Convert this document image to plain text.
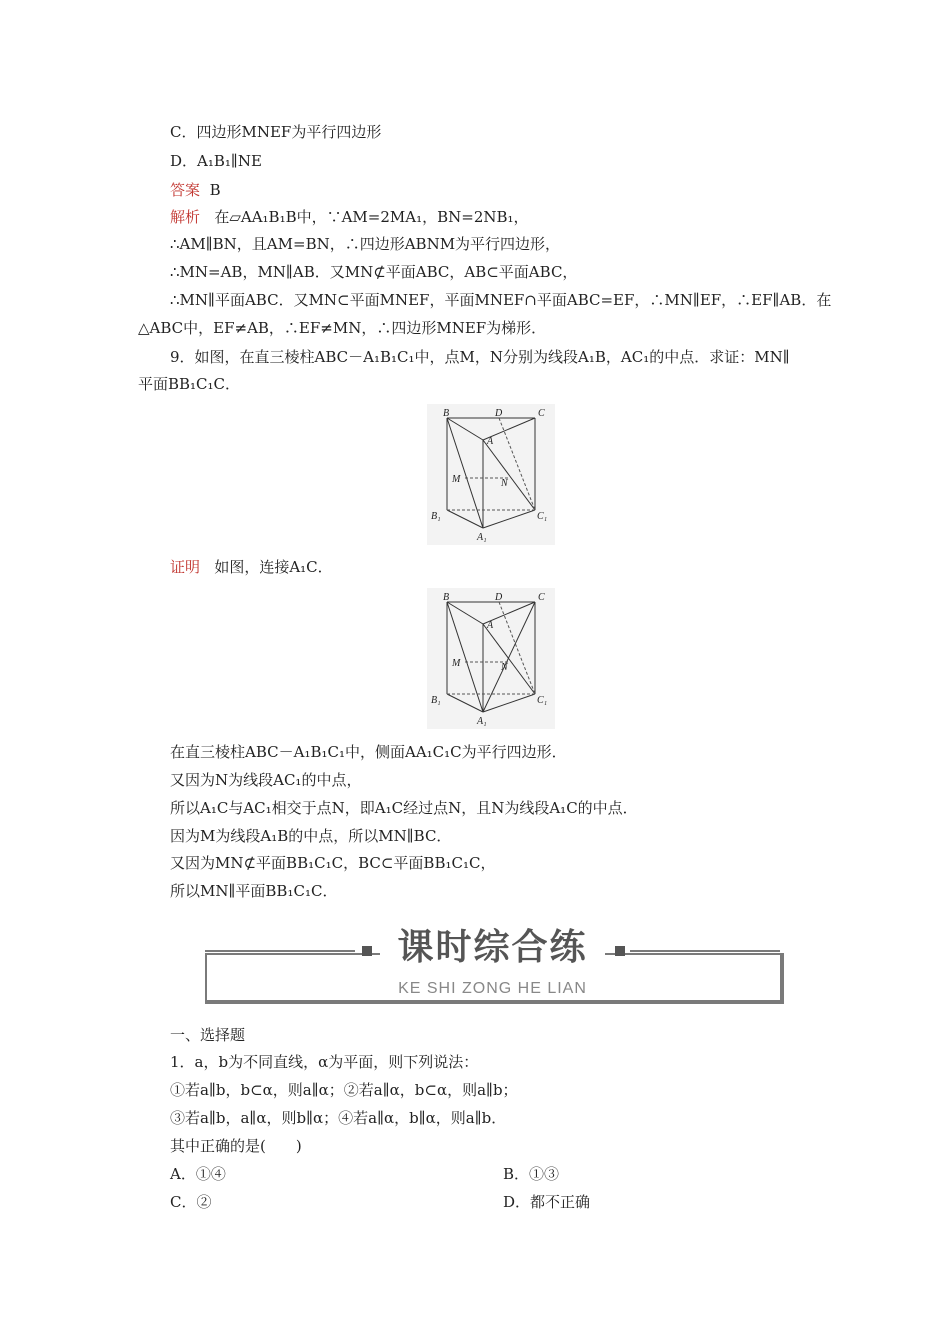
C．四边形MNEF为平行四边形
D．A₁B₁∥NE
答案 B
解析 在▱AA₁B₁B中，∵AM=2MA₁，BN=2NB₁，
∴AM∥BN，且AM=BN，∴四边形ABNM为平行四边形，
∴MN=AB，MN∥AB．又MN⊄平面ABC，AB⊂平面ABC，
∴MN∥平面ABC．又MN⊂平面MNEF，平面MNEF∩平面ABC=EF，∴MN∥EF，∴EF∥AB．在
△ABC中，EF≠AB，∴EF≠MN，∴四边形MNEF为梯形．
9．如图，在直三棱柱ABC－A₁B₁C₁中，点M，N分别为线段A₁B，AC₁的中点．求证：MN∥
平面BB₁C₁C．
B	D	C
A
M	N
B₁	C₁
A₁
证明 如图，连接A₁C．
B	D	C
A
M	N
B₁	C₁
A₁
在直三棱柱ABC－A₁B₁C₁中，侧面AA₁C₁C为平行四边形．
又因为N为线段AC₁的中点，
所以A₁C与AC₁相交于点N，即A₁C经过点N，且N为线段A₁C的中点．
因为M为线段A₁B的中点，所以MN∥BC．
又因为MN⊄平面BB₁C₁C，BC⊂平面BB₁C₁C，
所以MN∥平面BB₁C₁C．
课时综合练
KE SHI ZONG HE LIAN
一、选择题
1．a，b为不同直线，α为平面，则下列说法：
①若a∥b，b⊂α，则a∥α；②若a∥α，b⊂α，则a∥b；
③若a∥b，a∥α，则b∥α；④若a∥α，b∥α，则a∥b．
其中正确的是(　　)
A．①④	B．①③
C．②	D．都不正确
